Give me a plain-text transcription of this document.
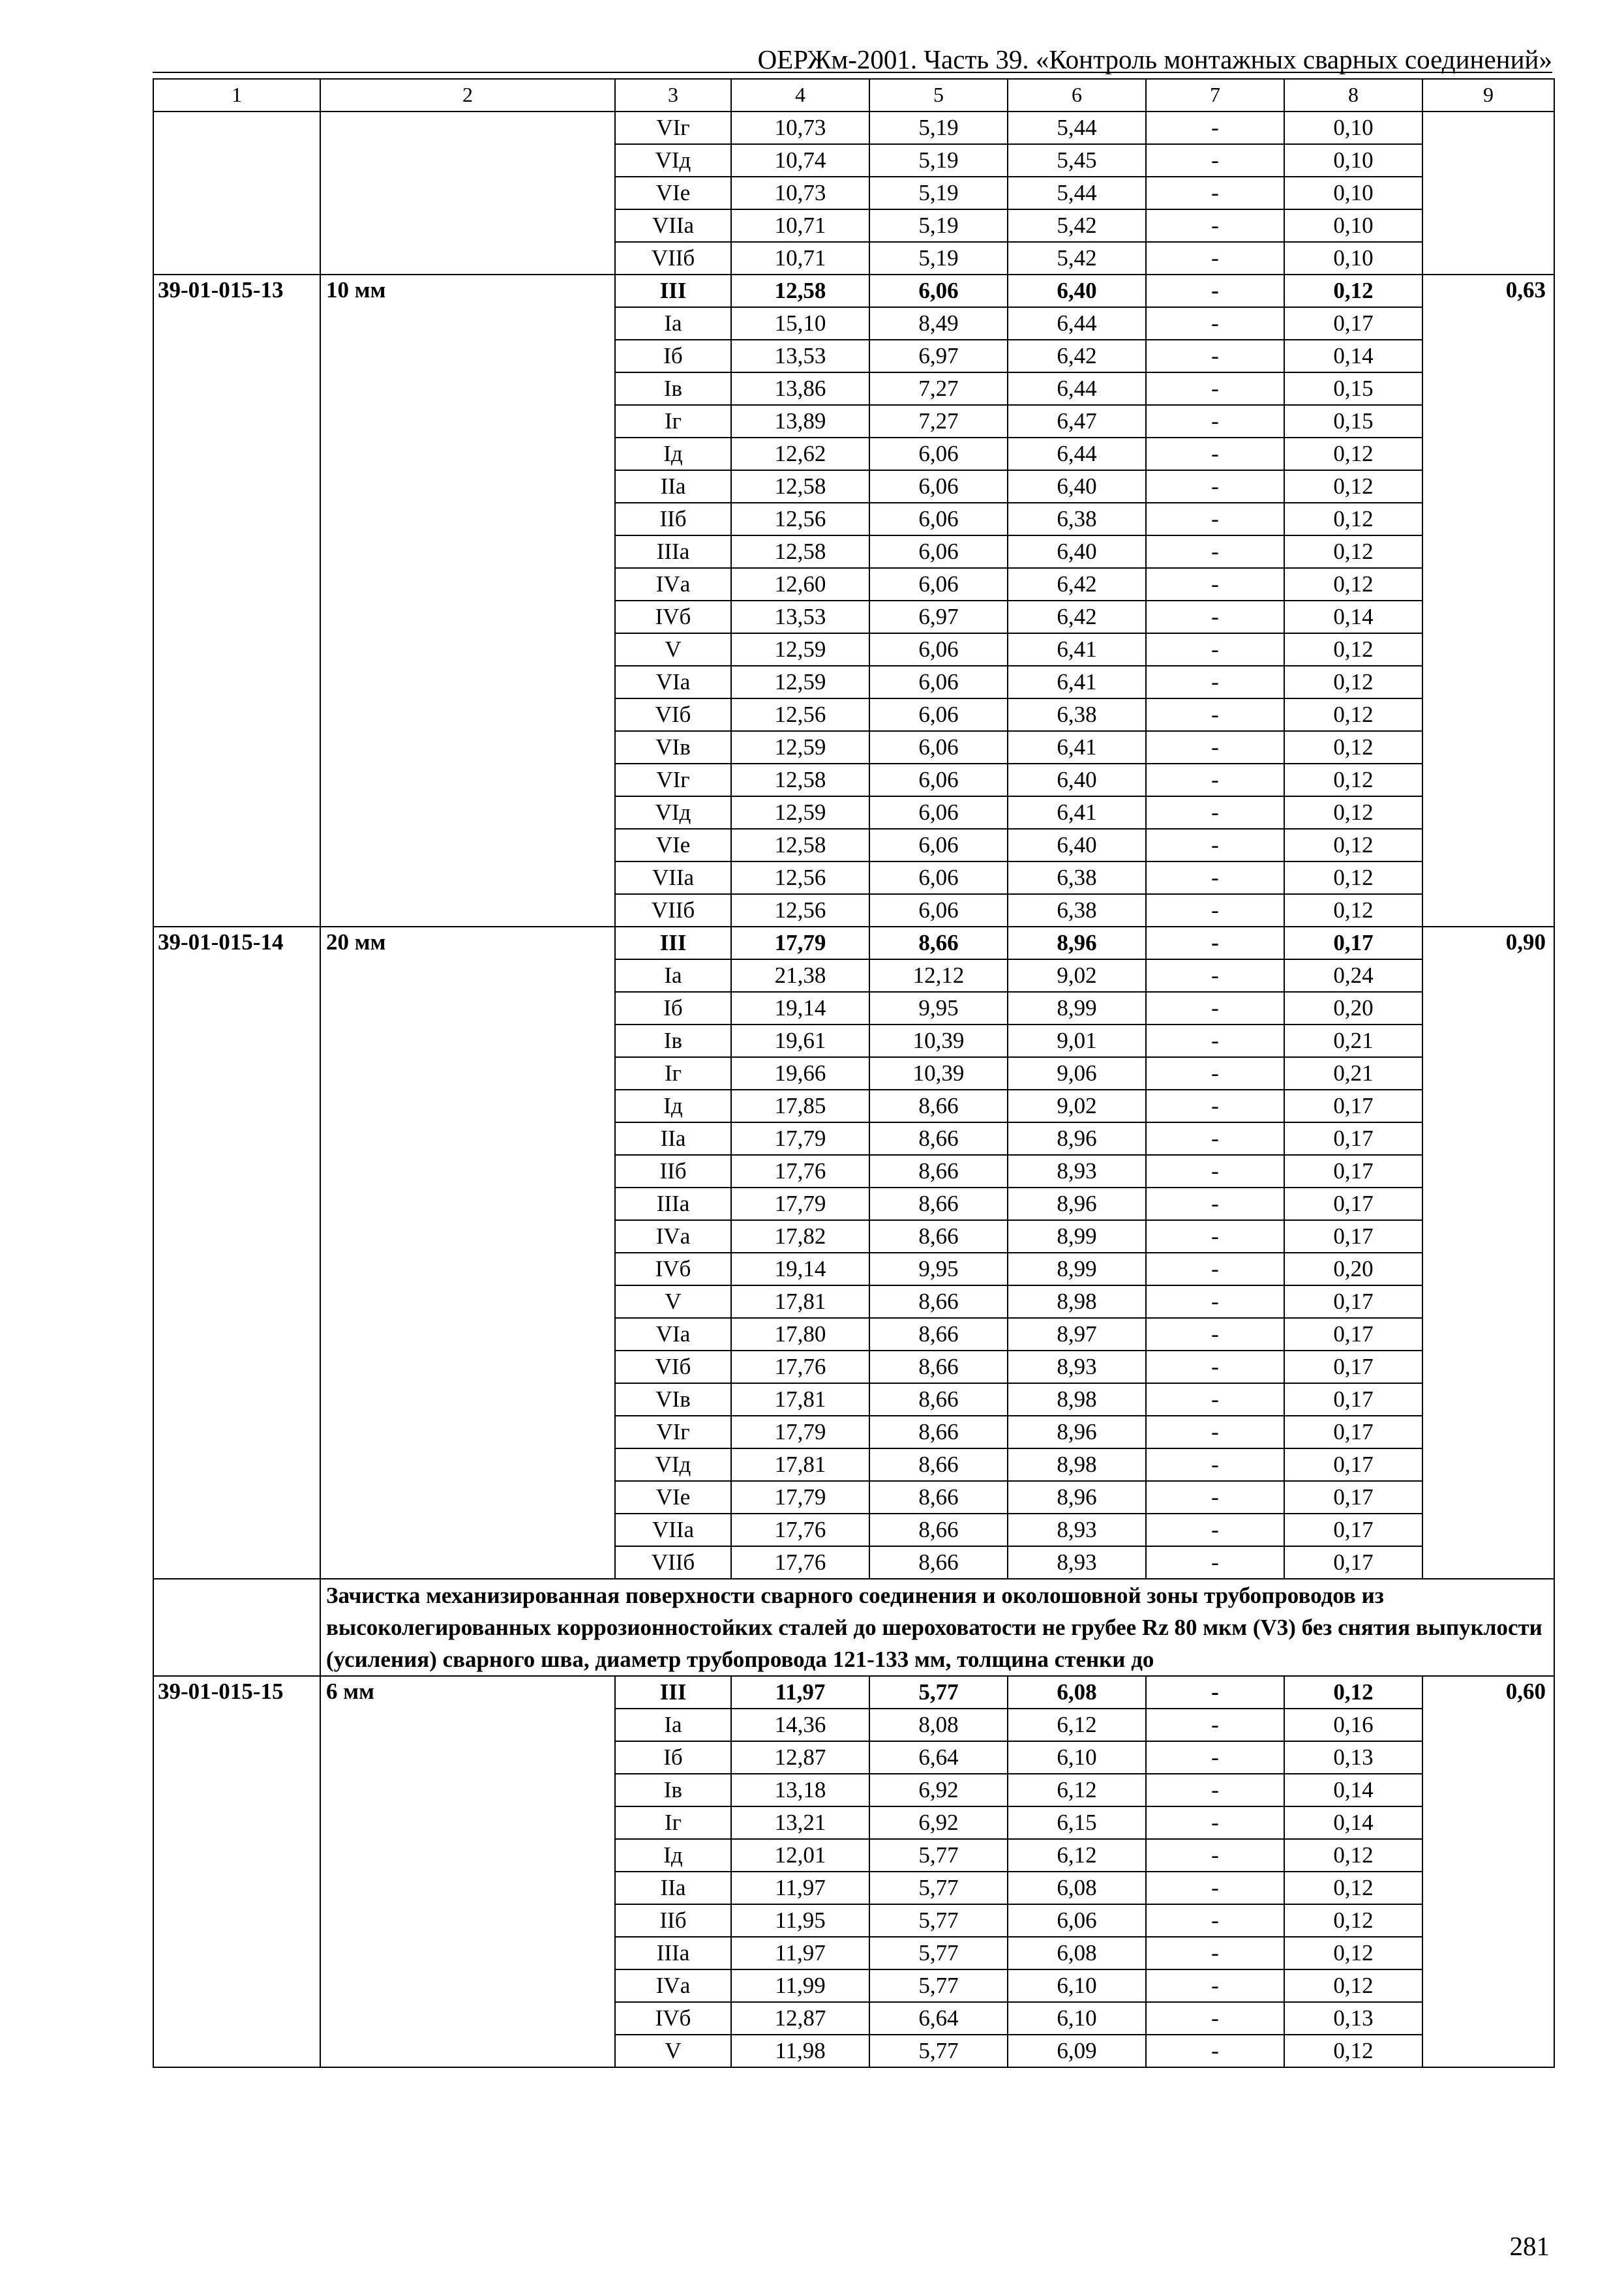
ОЕРЖм-2001. Часть 39. «Контроль монтажных сварных соединений»
1	2	3	4	5	6	7	8	9
		VIг	10,73	5,19	5,44	-	0,10	
		VIд	10,74	5,19	5,45	-	0,10	
		VIе	10,73	5,19	5,44	-	0,10	
		VIIа	10,71	5,19	5,42	-	0,10	
		VIIб	10,71	5,19	5,42	-	0,10	
39-01-015-13	10 мм	III	12,58	6,06	6,40	-	0,12	0,63
		Iа	15,10	8,49	6,44	-	0,17	
		Iб	13,53	6,97	6,42	-	0,14	
		Iв	13,86	7,27	6,44	-	0,15	
		Iг	13,89	7,27	6,47	-	0,15	
		Iд	12,62	6,06	6,44	-	0,12	
		IIа	12,58	6,06	6,40	-	0,12	
		IIб	12,56	6,06	6,38	-	0,12	
		IIIа	12,58	6,06	6,40	-	0,12	
		IVа	12,60	6,06	6,42	-	0,12	
		IVб	13,53	6,97	6,42	-	0,14	
		V	12,59	6,06	6,41	-	0,12	
		VIа	12,59	6,06	6,41	-	0,12	
		VIб	12,56	6,06	6,38	-	0,12	
		VIв	12,59	6,06	6,41	-	0,12	
		VIг	12,58	6,06	6,40	-	0,12	
		VIд	12,59	6,06	6,41	-	0,12	
		VIе	12,58	6,06	6,40	-	0,12	
		VIIа	12,56	6,06	6,38	-	0,12	
		VIIб	12,56	6,06	6,38	-	0,12	
39-01-015-14	20 мм	III	17,79	8,66	8,96	-	0,17	0,90
		Iа	21,38	12,12	9,02	-	0,24	
		Iб	19,14	9,95	8,99	-	0,20	
		Iв	19,61	10,39	9,01	-	0,21	
		Iг	19,66	10,39	9,06	-	0,21	
		Iд	17,85	8,66	9,02	-	0,17	
		IIа	17,79	8,66	8,96	-	0,17	
		IIб	17,76	8,66	8,93	-	0,17	
		IIIа	17,79	8,66	8,96	-	0,17	
		IVа	17,82	8,66	8,99	-	0,17	
		IVб	19,14	9,95	8,99	-	0,20	
		V	17,81	8,66	8,98	-	0,17	
		VIа	17,80	8,66	8,97	-	0,17	
		VIб	17,76	8,66	8,93	-	0,17	
		VIв	17,81	8,66	8,98	-	0,17	
		VIг	17,79	8,66	8,96	-	0,17	
		VIд	17,81	8,66	8,98	-	0,17	
		VIе	17,79	8,66	8,96	-	0,17	
		VIIа	17,76	8,66	8,93	-	0,17	
		VIIб	17,76	8,66	8,93	-	0,17	
	Зачистка механизированная поверхности сварного соединения и околошовной зоны трубопроводов из высоколегированных коррозионностойких сталей до шероховатости не грубее Rz 80 мкм (V3) без снятия выпуклости (усиления) сварного шва, диаметр трубопровода 121-133 мм, толщина стенки до							
39-01-015-15	6 мм	III	11,97	5,77	6,08	-	0,12	0,60
		Iа	14,36	8,08	6,12	-	0,16	
		Iб	12,87	6,64	6,10	-	0,13	
		Iв	13,18	6,92	6,12	-	0,14	
		Iг	13,21	6,92	6,15	-	0,14	
		Iд	12,01	5,77	6,12	-	0,12	
		IIа	11,97	5,77	6,08	-	0,12	
		IIб	11,95	5,77	6,06	-	0,12	
		IIIа	11,97	5,77	6,08	-	0,12	
		IVа	11,99	5,77	6,10	-	0,12	
		IVб	12,87	6,64	6,10	-	0,13	
		V	11,98	5,77	6,09	-	0,12	
281
